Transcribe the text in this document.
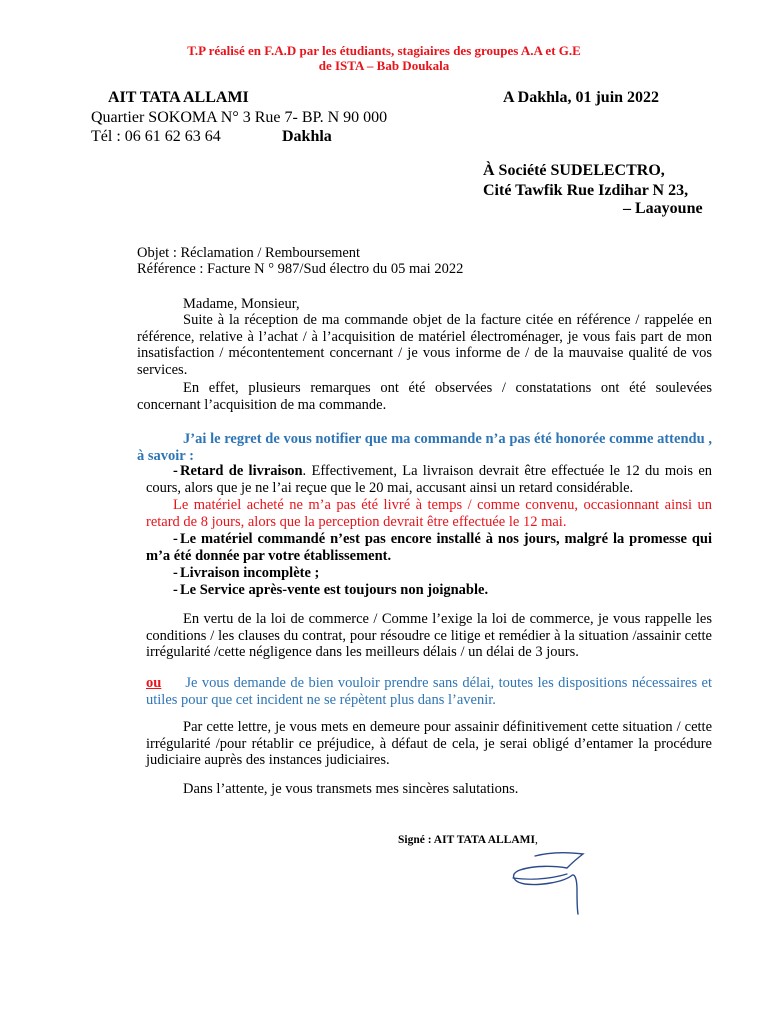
T.P réalisé en F.A.D par les étudiants, stagiaires des groupes A.A et G.E
de ISTA – Bab Doukala
AIT TATA ALLAMI
Quartier SOKOMA N° 3 Rue 7- BP. N 90 000
Tél : 06 61 62 63 64	Dakhla
A Dakhla, 01 juin 2022
À Société SUDELECTRO,
Cité Tawfik Rue Izdihar N 23,
– Laayoune
Objet : Réclamation / Remboursement
Référence : Facture N ° 987/Sud électro du 05 mai 2022
Madame, Monsieur,
Suite à la réception de ma commande objet de la facture citée en référence / rappelée en référence, relative à l’achat / à l’acquisition de matériel électroménager, je vous fais part de mon insatisfaction / mécontentement concernant / je vous informe de / de la mauvaise qualité de vos services.
En effet, plusieurs remarques ont été observées / constatations ont été soulevées concernant l’acquisition de ma commande.
J’ai le regret de vous notifier que ma commande n’a pas été honorée comme attendu , à savoir :
- Retard de livraison. Effectivement, La livraison devrait être effectuée le 12 du mois en cours, alors que je ne l’ai reçue que le 20 mai, accusant ainsi un retard considérable.
Le matériel acheté ne m’a pas été livré à temps / comme convenu, occasionnant ainsi un retard de 8 jours, alors que la perception devrait être effectuée le 12 mai.
- Le matériel commandé n’est pas encore installé à nos jours, malgré la promesse qui m’a été donnée par votre établissement.
- Livraison incomplète ;
- Le Service après-vente est toujours non joignable.
En vertu de la loi de commerce / Comme l’exige la loi de commerce, je vous rappelle les conditions / les clauses du contrat, pour résoudre ce litige et remédier à la situation /assainir cette irrégularité /cette négligence dans les meilleurs délais / un délai de 3 jours.
ou Je vous demande de bien vouloir prendre sans délai, toutes les dispositions nécessaires et utiles pour que cet incident ne se répètent plus dans l’avenir.
Par cette lettre, je vous mets en demeure pour assainir définitivement cette situation / cette irrégularité /pour rétablir ce préjudice, à défaut de cela, je serai obligé d’entamer la procédure judiciaire auprès des instances judiciaires.
Dans l’attente, je vous transmets mes sincères salutations.
Signé : AIT TATA ALLAMI,
